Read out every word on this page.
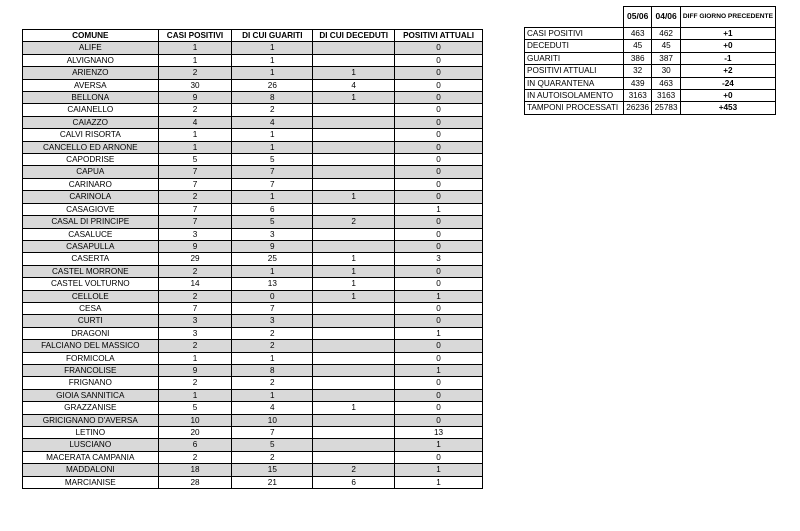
COMUNE	CASI POSITIVI	DI CUI GUARITI	DI CUI DECEDUTI	POSITIVI ATTUALI
ALIFE	1	1		0
ALVIGNANO	1	1		0
ARIENZO	2	1	1	0
AVERSA	30	26	4	0
BELLONA	9	8	1	0
CAIANELLO	2	2		0
CAIAZZO	4	4		0
CALVI RISORTA	1	1		0
CANCELLO ED ARNONE	1	1		0
CAPODRISE	5	5		0
CAPUA	7	7		0
CARINARO	7	7		0
CARINOLA	2	1	1	0
CASAGIOVE	7	6		1
CASAL DI PRINCIPE	7	5	2	0
CASALUCE	3	3		0
CASAPULLA	9	9		0
CASERTA	29	25	1	3
CASTEL MORRONE	2	1	1	0
CASTEL VOLTURNO	14	13	1	0
CELLOLE	2	0	1	1
CESA	7	7		0
CURTI	3	3		0
DRAGONI	3	2		1
FALCIANO DEL MASSICO	2	2		0
FORMICOLA	1	1		0
FRANCOLISE	9	8		1
FRIGNANO	2	2		0
GIOIA SANNITICA	1	1		0
GRAZZANISE	5	4	1	0
GRICIGNANO D'AVERSA	10	10		0
LETINO	20	7		13
LUSCIANO	6	5		1
MACERATA CAMPANIA	2	2		0
MADDALONI	18	15	2	1
MARCIANISE	28	21	6	1
	05/06	04/06	DIFF GIORNO PRECEDENTE
CASI POSITIVI	463	462	+1
DECEDUTI	45	45	+0
GUARITI	386	387	-1
POSITIVI ATTUALI	32	30	+2
IN QUARANTENA	439	463	-24
IN AUTOISOLAMENTO	3163	3163	+0
TAMPONI PROCESSATI	26236	25783	+453
